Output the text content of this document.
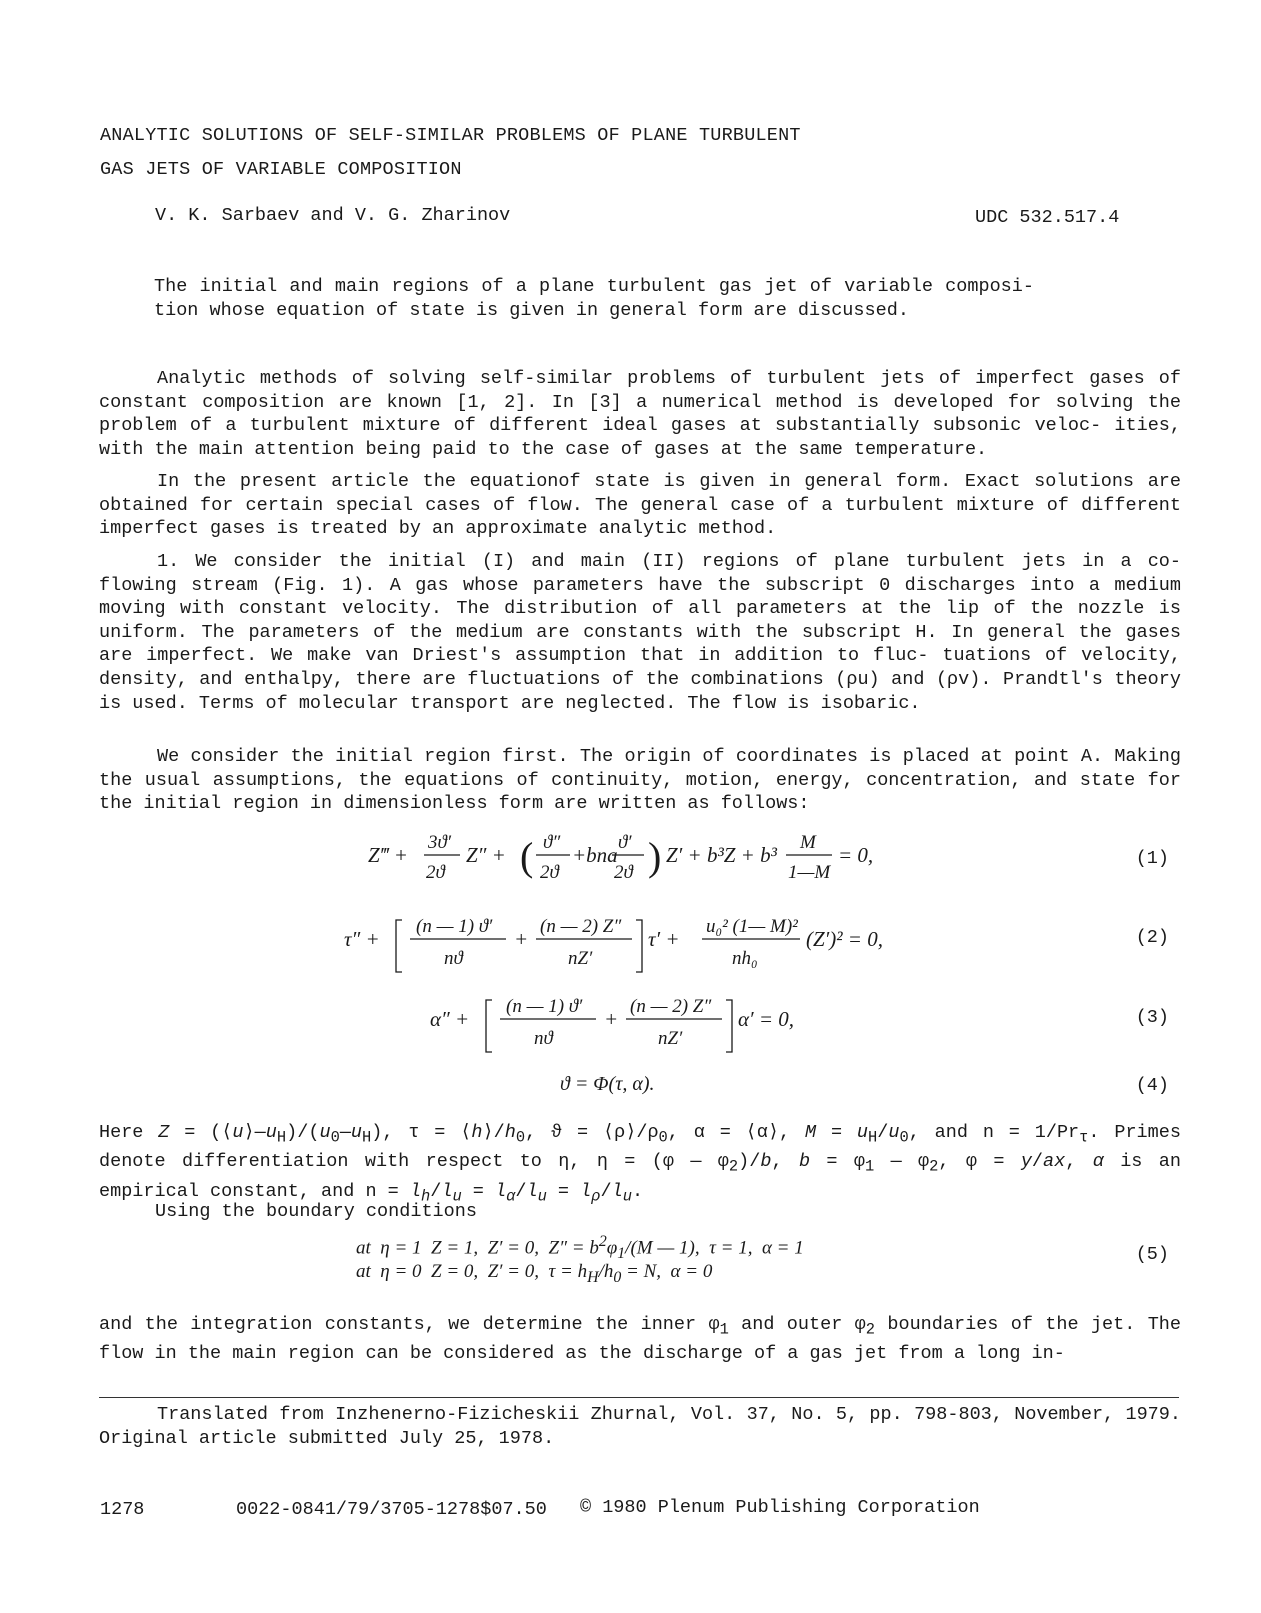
ANALYTIC SOLUTIONS OF SELF-SIMILAR PROBLEMS OF PLANE TURBULENT
GAS JETS OF VARIABLE COMPOSITION
V. K. Sarbaev and V. G. Zharinov	UDC 532.517.4

The initial and main regions of a plane turbulent gas jet of variable composi- tion whose equation of state is given in general form are discussed.

Analytic methods of solving self-similar problems of turbulent jets of imperfect gases of constant composition are known [1, 2]. In [3] a numerical method is developed for solving the problem of a turbulent mixture of different ideal gases at substantially subsonic veloc- ities, with the main attention being paid to the case of gases at the same temperature.

In the present article the equationof state is given in general form. Exact solutions are obtained for certain special cases of flow. The general case of a turbulent mixture of different imperfect gases is treated by an approximate analytic method.

1. We consider the initial (I) and main (II) regions of plane turbulent jets in a co- flowing stream (Fig. 1). A gas whose parameters have the subscript 0 discharges into a medium moving with constant velocity. The distribution of all parameters at the lip of the nozzle is uniform. The parameters of the medium are constants with the subscript H. In general the gases are imperfect. We make van Driest's assumption that in addition to fluc- tuations of velocity, density, and enthalpy, there are fluctuations of the combinations (ρu) and (ρv). Prandtl's theory is used. Terms of molecular transport are neglected. The flow is isobaric.

We consider the initial region first. The origin of coordinates is placed at point A. Making the usual assumptions, the equations of continuity, motion, energy, concentration, and state for the initial region in dimensionless form are written as follows:

Z‴ +
3ϑ′
2ϑ
Z″ + ( ϑ″
2ϑ
+bna
ϑ′
2ϑ ) Z′ + b³Z + b³
M
1—M
= 0,	(1)
τ″ +
(n — 1) ϑ′
nϑ
+
(n — 2) Z″
nZ′
τ′ +
u₀² (1— M)²
nh₀
(Z′)² = 0,	(2)
α″ +
(n — 1) ϑ′
nϑ
+
(n — 2) Z″
nZ′
α′ = 0,	(3)
ϑ = Φ(τ, α).	(4)

Here $Z = (⟨u⟩—u_H)/(u_0—u_H)$, $\tau = ⟨h⟩/h_0$, $ϑ = ⟨\rho⟩/\rho_0$, α = ⟨α⟩, $M = u_H/u_0$, and $n = 1/Pr_\tau$. Primes denote differentiation with respect to η, η = (φ — $\varphi_2)/b$, $b = \varphi_1$ — $\varphi_2$, φ = y/ax, α is an empirical constant, and $n = l_h/l_u = l_\alpha/l_u = l_\rho/l_u$.

Using the boundary conditions
at  η = 1  Z = 1,  Z′ = 0,  $Z'' = b^2\varphi_1/(M$ — 1),  τ = 1,  α = 1
at  η = 0  Z = 0,  Z′ = 0,  $\tau = h_H/h_0 = N$,  α = 0
(5)

and the integration constants, we determine the inner $\varphi_1$ and outer $\varphi_2$ boundaries of the jet. The flow in the main region can be considered as the discharge of a gas jet from a long in-

Translated from Inzhenerno-Fizicheskii Zhurnal, Vol. 37, No. 5, pp. 798-803, November, 1979. Original article submitted July 25, 1978.

1278	0022-0841/79/3705-1278$07.50 © 1980 Plenum Publishing Corporation
